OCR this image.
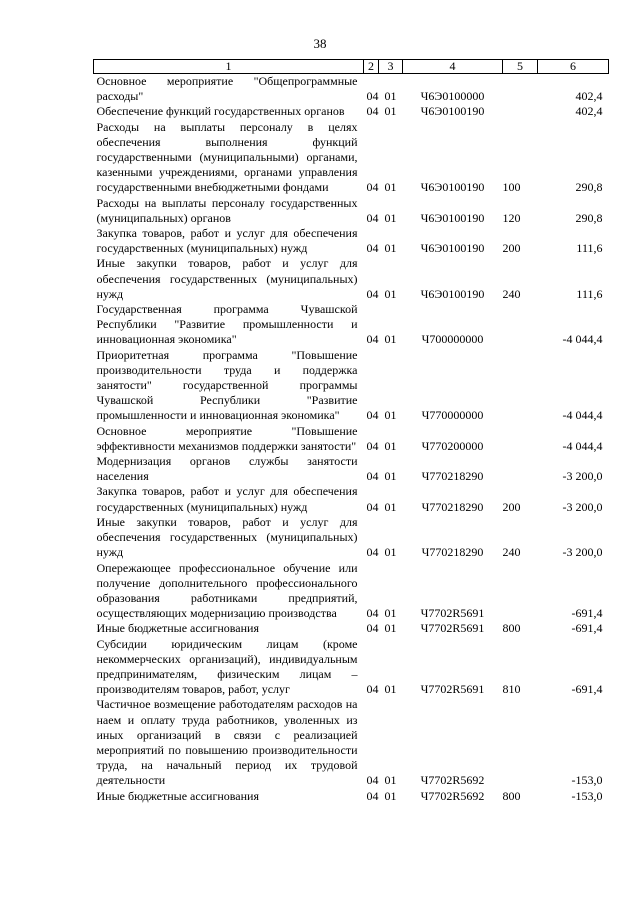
38
1	2	3	4	5	6
Основное мероприятие "Общепрограммные расходы"	04	01	Ч6Э0100000		402,4
Обеспечение функций государственных органов	04	01	Ч6Э0100190		402,4
Расходы на выплаты персоналу в целях обеспечения выполнения функций государственными (муниципальными) органами, казенными учреждениями, органами управления государственными внебюджетными фондами	04	01	Ч6Э0100190	100	290,8
Расходы на выплаты персоналу государственных (муниципальных) органов	04	01	Ч6Э0100190	120	290,8
Закупка товаров, работ и услуг для обеспечения государственных (муниципальных) нужд	04	01	Ч6Э0100190	200	111,6
Иные закупки товаров, работ и услуг для обеспечения государственных (муниципальных) нужд	04	01	Ч6Э0100190	240	111,6
Государственная программа Чувашской Республики "Развитие промышленности и инновационная экономика"	04	01	Ч700000000		-4 044,4
Приоритетная программа "Повышение производительности труда и поддержка занятости" государственной программы Чувашской Республики "Развитие промышленности и инновационная экономика"	04	01	Ч770000000		-4 044,4
Основное мероприятие "Повышение эффективности механизмов поддержки занятости"	04	01	Ч770200000		-4 044,4
Модернизация органов службы занятости населения	04	01	Ч770218290		-3 200,0
Закупка товаров, работ и услуг для обеспечения государственных (муниципальных) нужд	04	01	Ч770218290	200	-3 200,0
Иные закупки товаров, работ и услуг для обеспечения государственных (муниципальных) нужд	04	01	Ч770218290	240	-3 200,0
Опережающее профессиональное обучение или получение дополнительного профессионального образования работниками предприятий, осуществляющих модернизацию производства	04	01	Ч7702R5691		-691,4
Иные бюджетные ассигнования	04	01	Ч7702R5691	800	-691,4
Субсидии юридическим лицам (кроме некоммерческих организаций), индивидуальным предпринимателям, физическим лицам – производителям товаров, работ, услуг	04	01	Ч7702R5691	810	-691,4
Частичное возмещение работодателям расходов на наем и оплату труда работников, уволенных из иных организаций в связи с реализацией мероприятий по повышению производительности труда, на начальный период их трудовой деятельности	04	01	Ч7702R5692		-153,0
Иные бюджетные ассигнования	04	01	Ч7702R5692	800	-153,0
